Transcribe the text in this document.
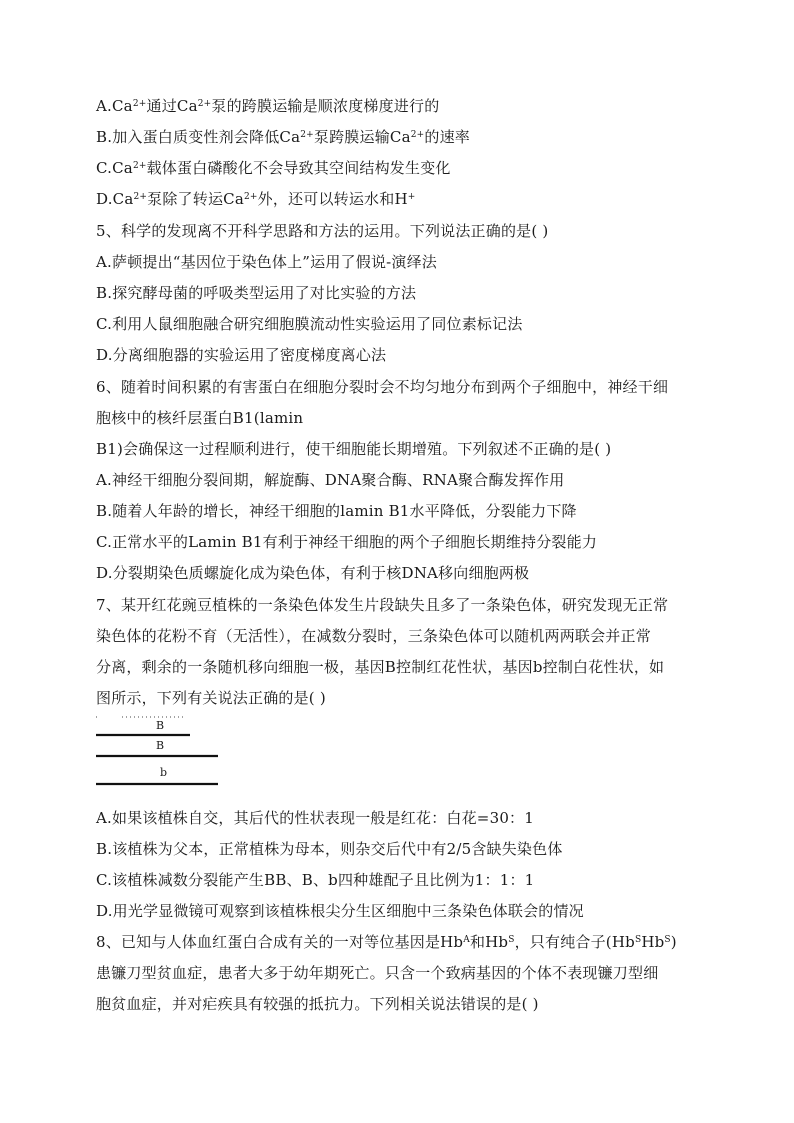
$A.Ca^{2+}$通过$Ca^{2+}$泵的跨膜运输是顺浓度梯度进行的
B.加入蛋白质变性剂会降低$Ca^{2+}$泵跨膜运输$Ca^{2+}$的速率
$C.Ca^{2+}$载体蛋白磷酸化不会导致其空间结构发生变化
$D.Ca^{2+}$泵除了转运$Ca^{2+}$外，还可以转运水和H+
5、科学的发现离不开科学思路和方法的运用。下列说法正确的是( )
A.萨顿提出“基因位于染色体上”运用了假说-演绎法
B.探究酵母菌的呼吸类型运用了对比实验的方法
C.利用人鼠细胞融合研究细胞膜流动性实验运用了同位素标记法
D.分离细胞器的实验运用了密度梯度离心法
6、随着时间积累的有害蛋白在细胞分裂时会不均匀地分布到两个子细胞中，神经干细
胞核中的核纤层蛋白B1(lamin
B1)会确保这一过程顺利进行，使干细胞能长期增殖。下列叙述不正确的是( )
A.神经干细胞分裂间期，解旋酶、DNA聚合酶、RNA聚合酶发挥作用
B.随着人年龄的增长，神经干细胞的lamin B1水平降低，分裂能力下降
C.正常水平的Lamin B1有利于神经干细胞的两个子细胞长期维持分裂能力
D.分裂期染色质螺旋化成为染色体，有利于核DNA移向细胞两极
7、某开红花豌豆植株的一条染色体发生片段缺失且多了一条染色体，研究发现无正常
染色体的花粉不育（无活性），在减数分裂时，三条染色体可以随机两两联会并正常
分离，剩余的一条随机移向细胞一极，基因B控制红花性状，基因b控制白花性状，如
图所示，下列有关说法正确的是( )
B
B
b
A.如果该植株自交，其后代的性状表现一般是红花：白花=30：1
B.该植株为父本，正常植株为母本，则杂交后代中有2/5含缺失染色体
C.该植株减数分裂能产生BB、B、b四种雄配子且比例为1：1：1
D.用光学显微镜可观察到该植株根尖分生区细胞中三条染色体联会的情况
8、已知与人体血红蛋白合成有关的一对等位基因是$Hb^A$和$Hb^S$，只有纯合子$(Hb^SHb^S)$
患镰刀型贫血症，患者大多于幼年期死亡。只含一个致病基因的个体不表现镰刀型细
胞贫血症，并对疟疾具有较强的抵抗力。下列相关说法错误的是( )
